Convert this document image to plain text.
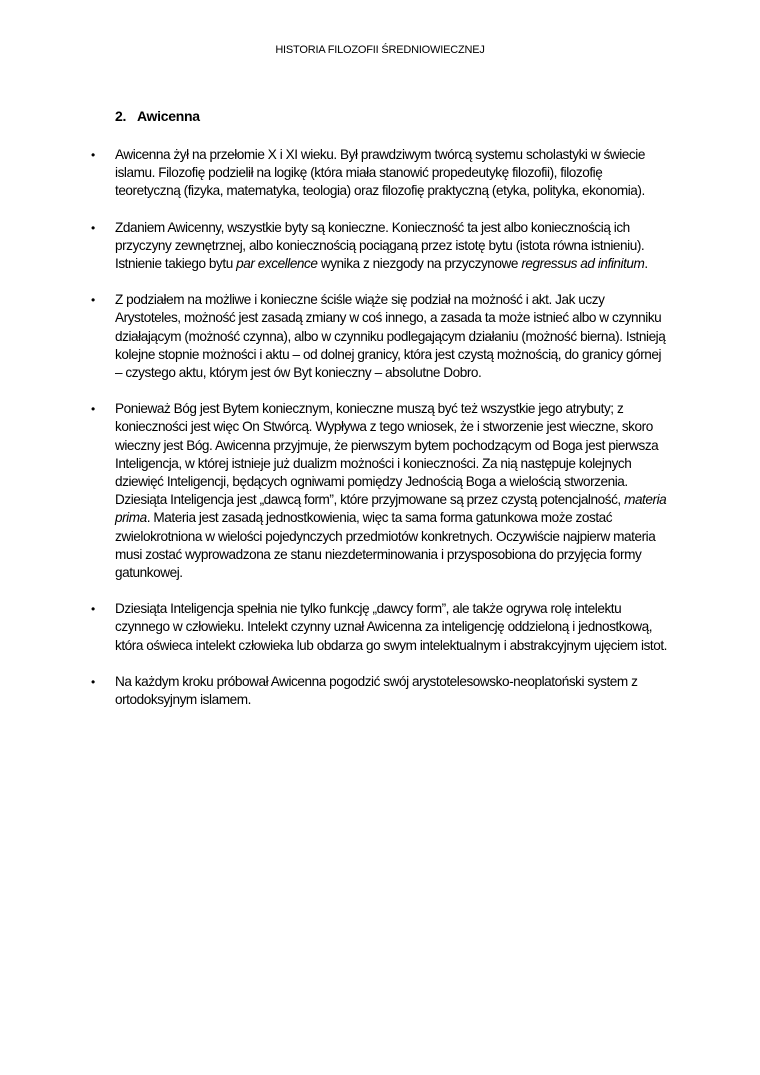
HISTORIA FILOZOFII ŚREDNIOWIECZNEJ
2. Awicenna
• Awicenna żył na przełomie X i XI wieku. Był prawdziwym twórcą systemu scholastyki w świecie
islamu. Filozofię podzielił na logikę (która miała stanowić propedeutykę filozofii), filozofię
teoretyczną (fizyka, matematyka, teologia) oraz filozofię praktyczną (etyka, polityka, ekonomia).
• Zdaniem Awicenny, wszystkie byty są konieczne. Konieczność ta jest albo koniecznością ich
przyczyny zewnętrznej, albo koniecznością pociąganą przez istotę bytu (istota równa istnieniu).
Istnienie takiego bytu par excellence wynika z niezgody na przyczynowe regressus ad infinitum.
• Z podziałem na możliwe i konieczne ściśle wiąże się podział na możność i akt. Jak uczy
Arystoteles, możność jest zasadą zmiany w coś innego, a zasada ta może istnieć albo w czynniku
działającym (możność czynna), albo w czynniku podlegającym działaniu (możność bierna). Istnieją
kolejne stopnie możności i aktu – od dolnej granicy, która jest czystą możnością, do granicy górnej
– czystego aktu, którym jest ów Byt konieczny – absolutne Dobro.
• Ponieważ Bóg jest Bytem koniecznym, konieczne muszą być też wszystkie jego atrybuty; z
konieczności jest więc On Stwórcą. Wypływa z tego wniosek, że i stworzenie jest wieczne, skoro
wieczny jest Bóg. Awicenna przyjmuje, że pierwszym bytem pochodzącym od Boga jest pierwsza
Inteligencja, w której istnieje już dualizm możności i konieczności. Za nią następuje kolejnych
dziewięć Inteligencji, będących ogniwami pomiędzy Jednością Boga a wielością stworzenia.
Dziesiąta Inteligencja jest „dawcą form”, które przyjmowane są przez czystą potencjalność, materia
prima. Materia jest zasadą jednostkowienia, więc ta sama forma gatunkowa może zostać
zwielokrotniona w wielości pojedynczych przedmiotów konkretnych. Oczywiście najpierw materia
musi zostać wyprowadzona ze stanu niezdeterminowania i przysposobiona do przyjęcia formy
gatunkowej.
• Dziesiąta Inteligencja spełnia nie tylko funkcję „dawcy form”, ale także ogrywa rolę intelektu
czynnego w człowieku. Intelekt czynny uznał Awicenna za inteligencję oddzieloną i jednostkową,
która oświeca intelekt człowieka lub obdarza go swym intelektualnym i abstrakcyjnym ujęciem istot.
• Na każdym kroku próbował Awicenna pogodzić swój arystotelesowsko-neoplatoński system z
ortodoksyjnym islamem.
